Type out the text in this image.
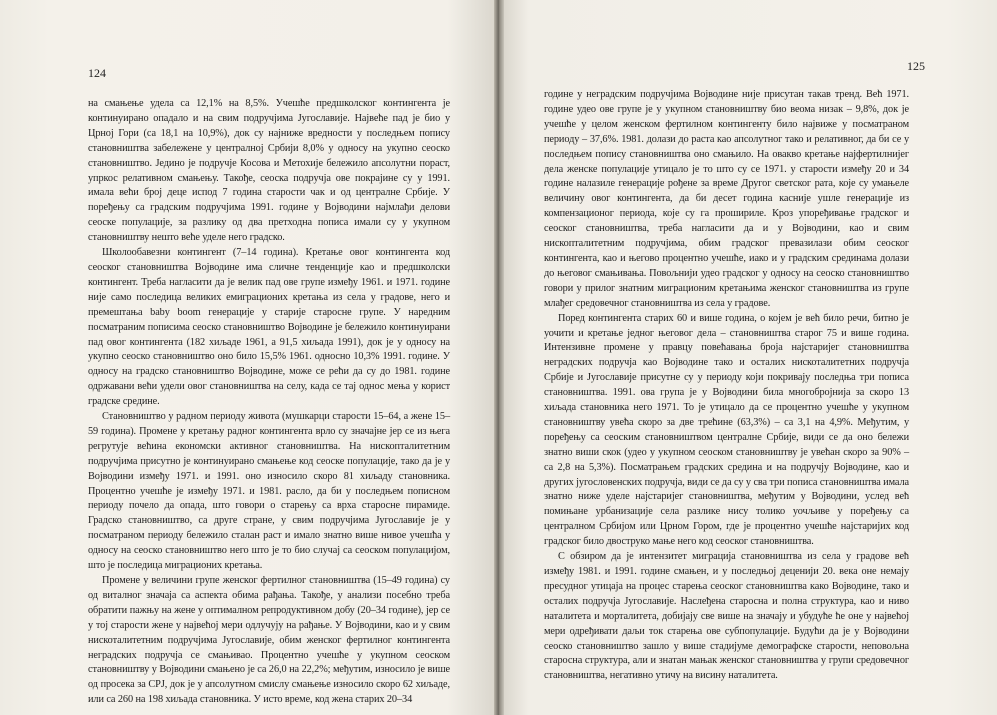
124

на смањење удела са 12,1% на 8,5%. Учешће предшколског контингента је континуирано опадало и на свим подручјима Југославије. Највеће пад је био у Црној Гори (са 18,1 на 10,9%), док су најниже вредности у последњем попису становништва забележене у централној Србији 8,0% у односу на укупно сеоско становништво. Једино је подручје Косова и Метохије бележило апсолутни пораст, упркос релативном смањењу. Такође, сеоска подручја ове покрајине су у 1991. имала већи број деце испод 7 година старости чак и од централне Србије. У поређењу са градским подручјима 1991. године у Војводини најмлађи делови сеоске популације, за разлику од два претходна пописа имали су у укупном становништву нешто веће уделе него градско.

Школообавезни контингент (7–14 година). Кретање овог контингента код сеоског становништва Војводине има сличне тенденције као и предшколски контингент. Треба нагласити да је велик пад ове групе између 1961. и 1971. године није само последица великих емиграционих кретања из села у градове, него и премештања baby boom генерације у старије старосне групе. У наредним посматраним пописима сеоско становништво Војводине је бележило континуирани пад овог контингента (182 хиљаде 1961, а 91,5 хиљада 1991), док је у односу на укупно сеоско становништво оно било 15,5% 1961. односно 10,3% 1991. године. У односу на градско становништво Војводине, може се рећи да су до 1981. године одржавани већи удели овог становништва на селу, када се тај однос мења у корист градске средине.

Становништво у радном периоду живота (мушкарци старости 15–64, а жене 15–59 година). Промене у кретању радног контингента врло су значајне јер се из њега регрутује већина економски активног становништва. На нископталитетним подручјима присутно је континуирано смањење код сеоске популације, тако да је у Војводини између 1971. и 1991. оно износило скоро 81 хиљаду становника. Процентно учешће је између 1971. и 1981. расло, да би у последњем пописном периоду почело да опада, што говори о старењу са врха старосне пирамиде. Градско становништво, са друге стране, у свим подручјима Југославије је у посматраном периоду бележило сталан раст и имало знатно више нивое учешћа у односу на сеоско становништво него што је то био случај са сеоском популацијом, што је последица миграционих кретања.

Промене у величини групе женског фертилног становништва (15–49 година) су од виталног значаја са аспекта обима рађања. Такође, у анализи посебно треба обратити пажњу на жене у оптималном репродуктивном добу (20–34 године), јер се у тој старости жене у највећој мери одлучују на рађање. У Војводини, као и у свим нискоталитетним подручјима Југославије, обим женског фертилног контингента неградских подручја се смањивао. Процентно учешће у укупном сеоском становништву у Војводини смањено је са 26,0 на 22,2%; међутим, износило је више од просека за СРЈ, док је у апсолутном смислу смањење износило скоро 62 хиљаде, или са 260 на 198 хиљада становника. У исто време, код жена старих 20–34

125

године у неградским подручјима Војводине није присутан такав тренд. Већ 1971. године удео ове групе је у укупном становништву био веома низак – 9,8%, док је учешће у целом женском фертилном контингенту било највиже у посматраном периоду – 37,6%. 1981. долази до раста као апсолутног тако и релативног, да би се у последњем попису становништва оно смањило. На овакво кретање најфертилнијег дела женске популације утицало је то што су се 1971. у старости између 20 и 34 године налазиле генерације рођене за време Другог светског рата, које су умањеле величину овог контингента, да би десет година касније ушле генерације из компензационог периода, које су га прошириле. Кроз упоређивање градског и сеоског становништва, треба нагласити да и у Војводини, као и свим нископталитетним подручјима, обим градског превазилази обим сеоског контингента, као и његово процентно учешће, иако и у градским срединама долази до његовог смањивања. Повољнији удео градског у односу на сеоско становништво говори у прилог знатним миграционим кретањима женског становништва из групе млађег средовечног становништва из села у градове.

Поред контингента старих 60 и више година, о којем је већ било речи, битно је уочити и кретање једног његовог дела – становништва старог 75 и више година. Интензивне промене у правцу повећавања броја најстаријег становништва неградских подручја као Војводине тако и осталих нискоталитетних подручја Србије и Југославије присутне су у периоду који покривају последња три пописа становништва. 1991. ова група је у Војводини била многобројнија за скоро 13 хиљада становника него 1971. То је утицало да се процентно учешће у укупном становништву увећа скоро за две трећине (63,3%) – са 3,1 на 4,9%. Међутим, у поређењу са сеоским становништвом централне Србије, види се да оно бележи знатно виши скок (удео у укупном сеоском становништву је увећан скоро за 90% – са 2,8 на 5,3%). Посматрањем градских средина и на подручју Војводине, као и других југословенских подручја, види се да су у сва три пописа становништва имала знатно ниже уделе најстаријег становништва, међутим у Војводини, услед већ помињане урбанизације села разлике нису толико уочљиве у поређењу са централном Србијом или Црном Гором, где је процентно учешће најстаријих код градског било двоструко мање него код сеоског становништва.

С обзиром да је интензитет миграција становништва из села у градове већ између 1981. и 1991. године смањен, и у последњој деценији 20. века оне немају пресудног утицаја на процес старења сеоског становништва како Војводине, тако и осталих подручја Југославије. Наслеђена старосна и полна структура, као и ниво наталитета и морталитета, добијају све више на значају и убудуће ће оне у највећој мери одређивати даљи ток старења ове субпопулације. Будући да је у Војводини сеоско становништво зашло у више стадијуме демографске старости, неповољна старосна структура, али и знатан мањак женског становништва у групи средовечног становништва, негативно утичу на висину наталитета.
